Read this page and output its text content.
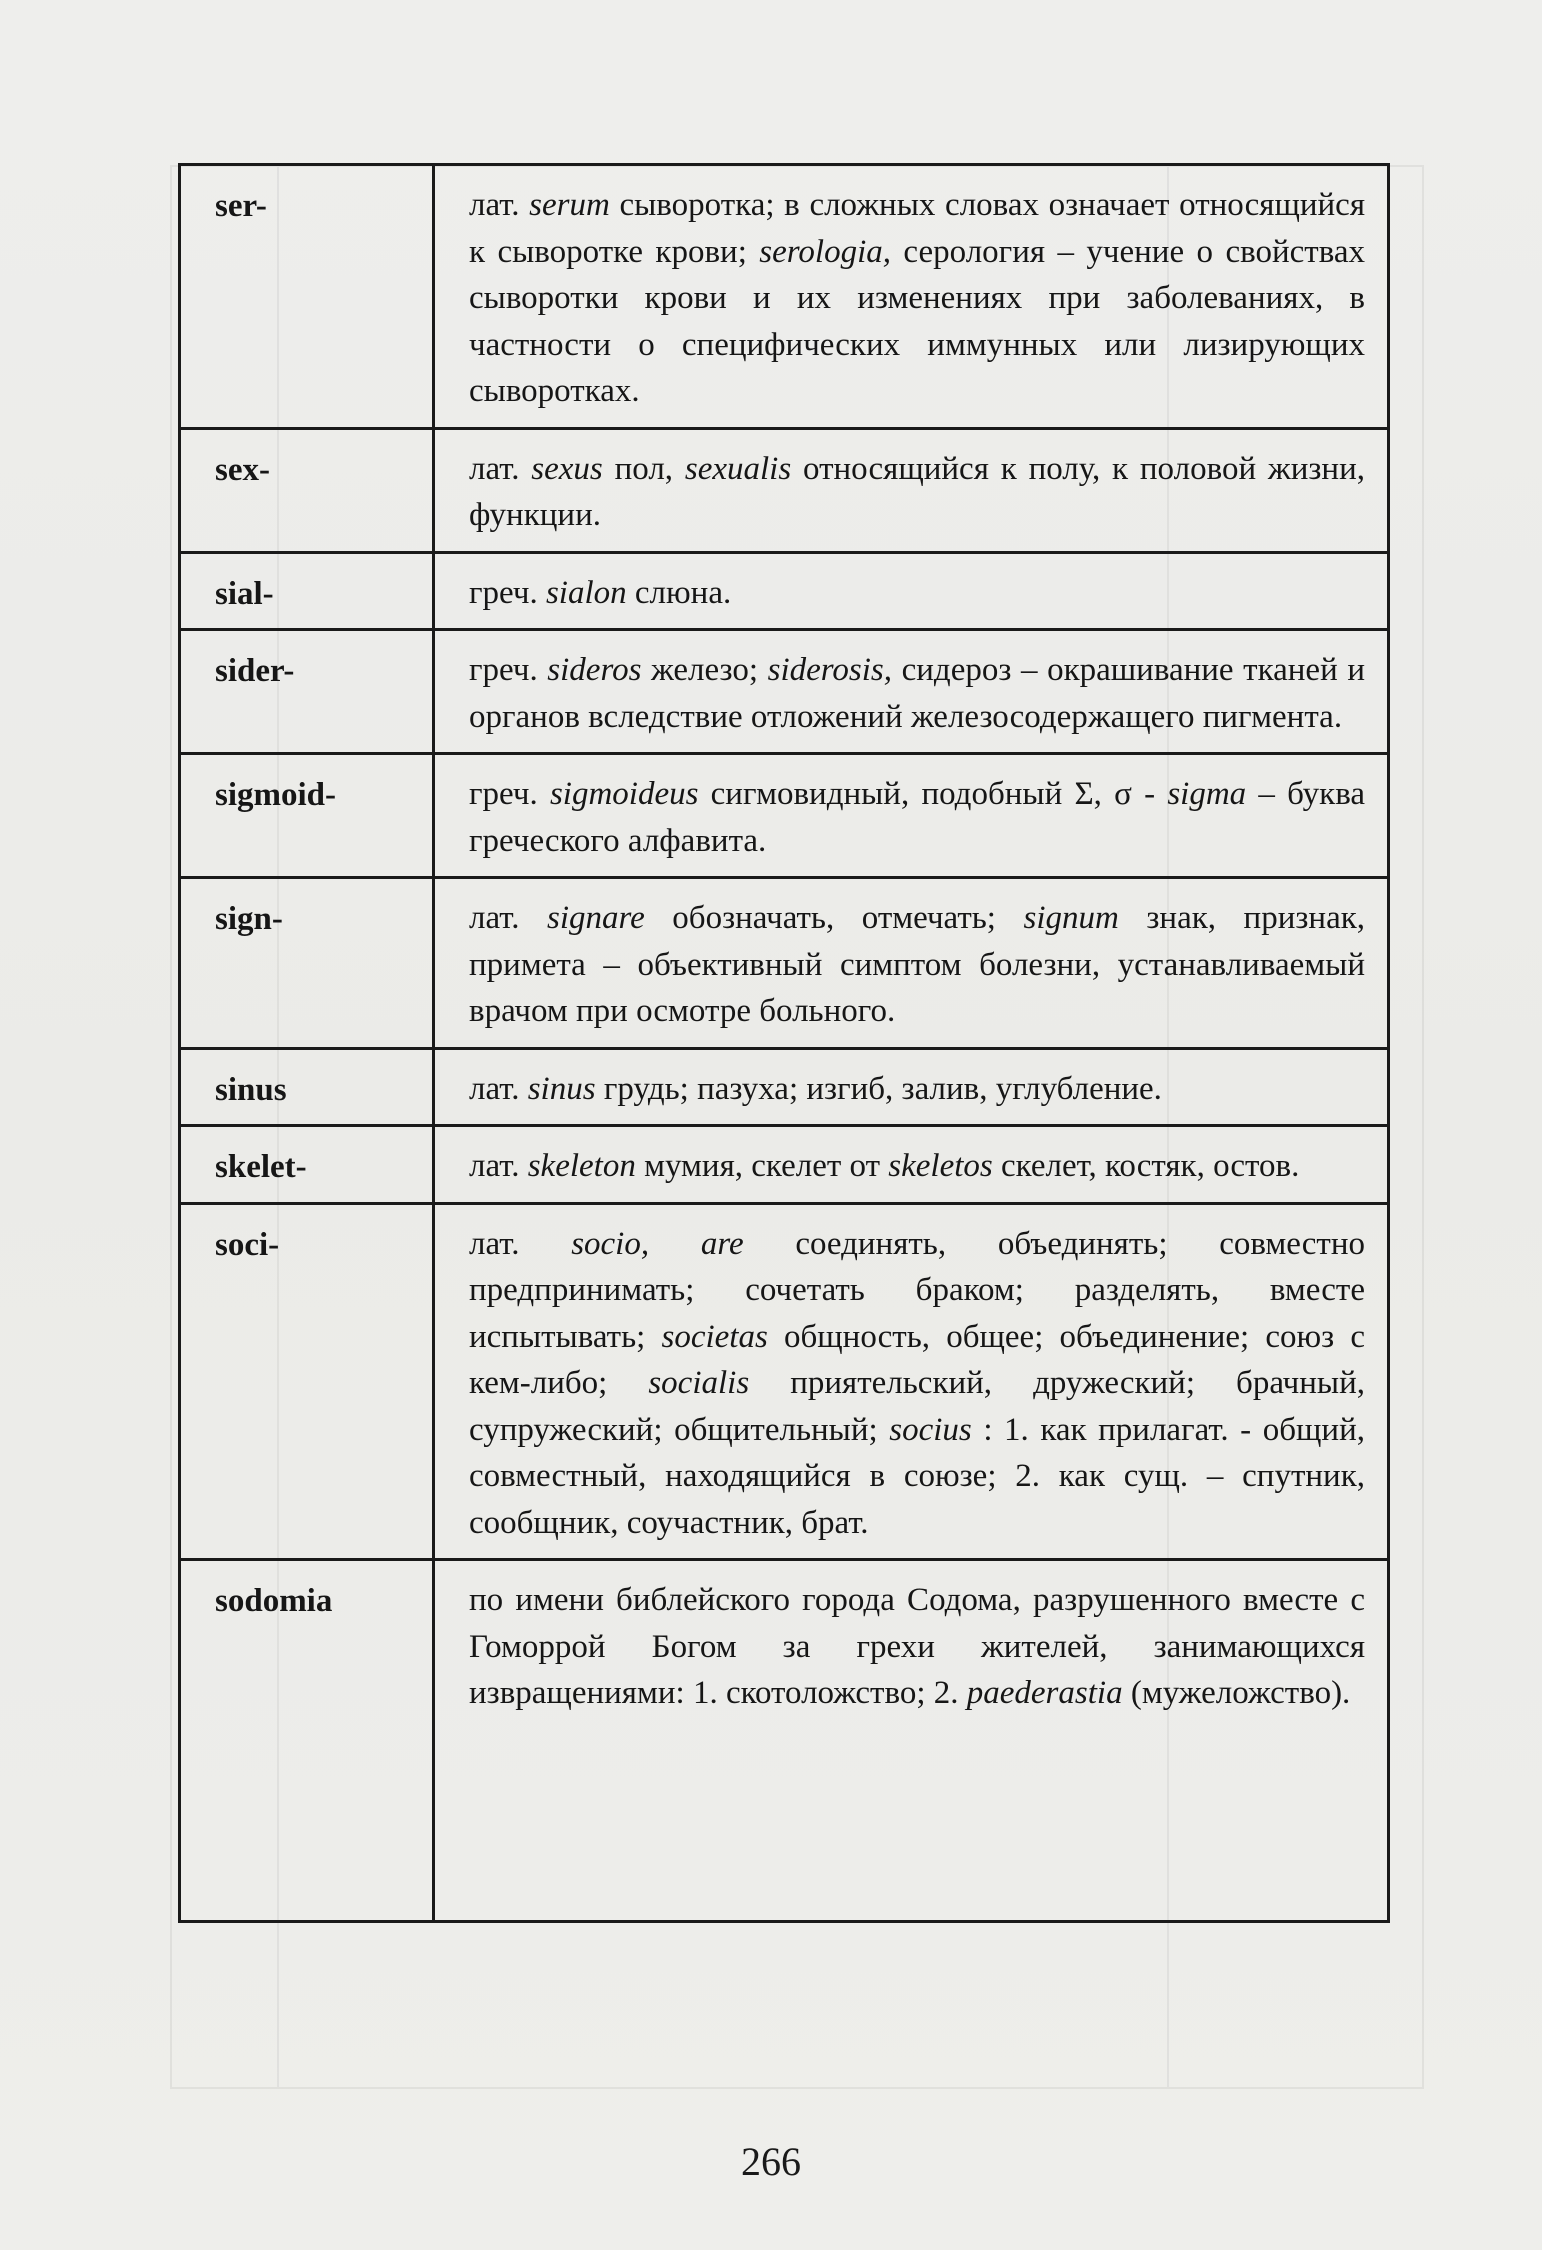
ser-	лат. serum сыворотка; в сложных словах означает относящийся к сыворотке крови; serologia, серология – учение о свойствах сыворотки крови и их изменениях при заболеваниях, в частности о специфических иммунных или лизирующих сыворотках.
sex-	лат. sexus пол, sexualis относящийся к полу, к половой жизни, функции.
sial-	греч. sialon слюна.
sider-	греч. sideros железо; siderosis, сидероз – окрашивание тканей и органов вследствие отложений железосодержащего пигмента.
sigmoid-	греч. sigmoideus сигмовидный, подобный Σ, σ - sigma – буква греческого алфавита.
sign-	лат. signare обозначать, отмечать; signum знак, признак, примета – объективный симптом болезни, устанавливаемый врачом при осмотре больного.
sinus	лат. sinus грудь; пазуха; изгиб, залив, углубление.
skelet-	лат. skeleton мумия, скелет от skeletos скелет, костяк, остов.
soci-	лат. socio, are соединять, объединять; совместно предпринимать; сочетать браком; разделять, вместе испытывать; societas общность, общее; объединение; союз с кем-либо; socialis приятельский, дружеский; брачный, супружеский; общительный; socius : 1. как прилагат. - общий, совместный, находящийся в союзе; 2. как сущ. – спутник, сообщник, соучастник, брат.
sodomia	по имени библейского города Содома, разрушенного вместе с Гоморрой Богом за грехи жителей, занимающихся извращениями: 1. скотоложство; 2. paederastia (мужеложство).
266
